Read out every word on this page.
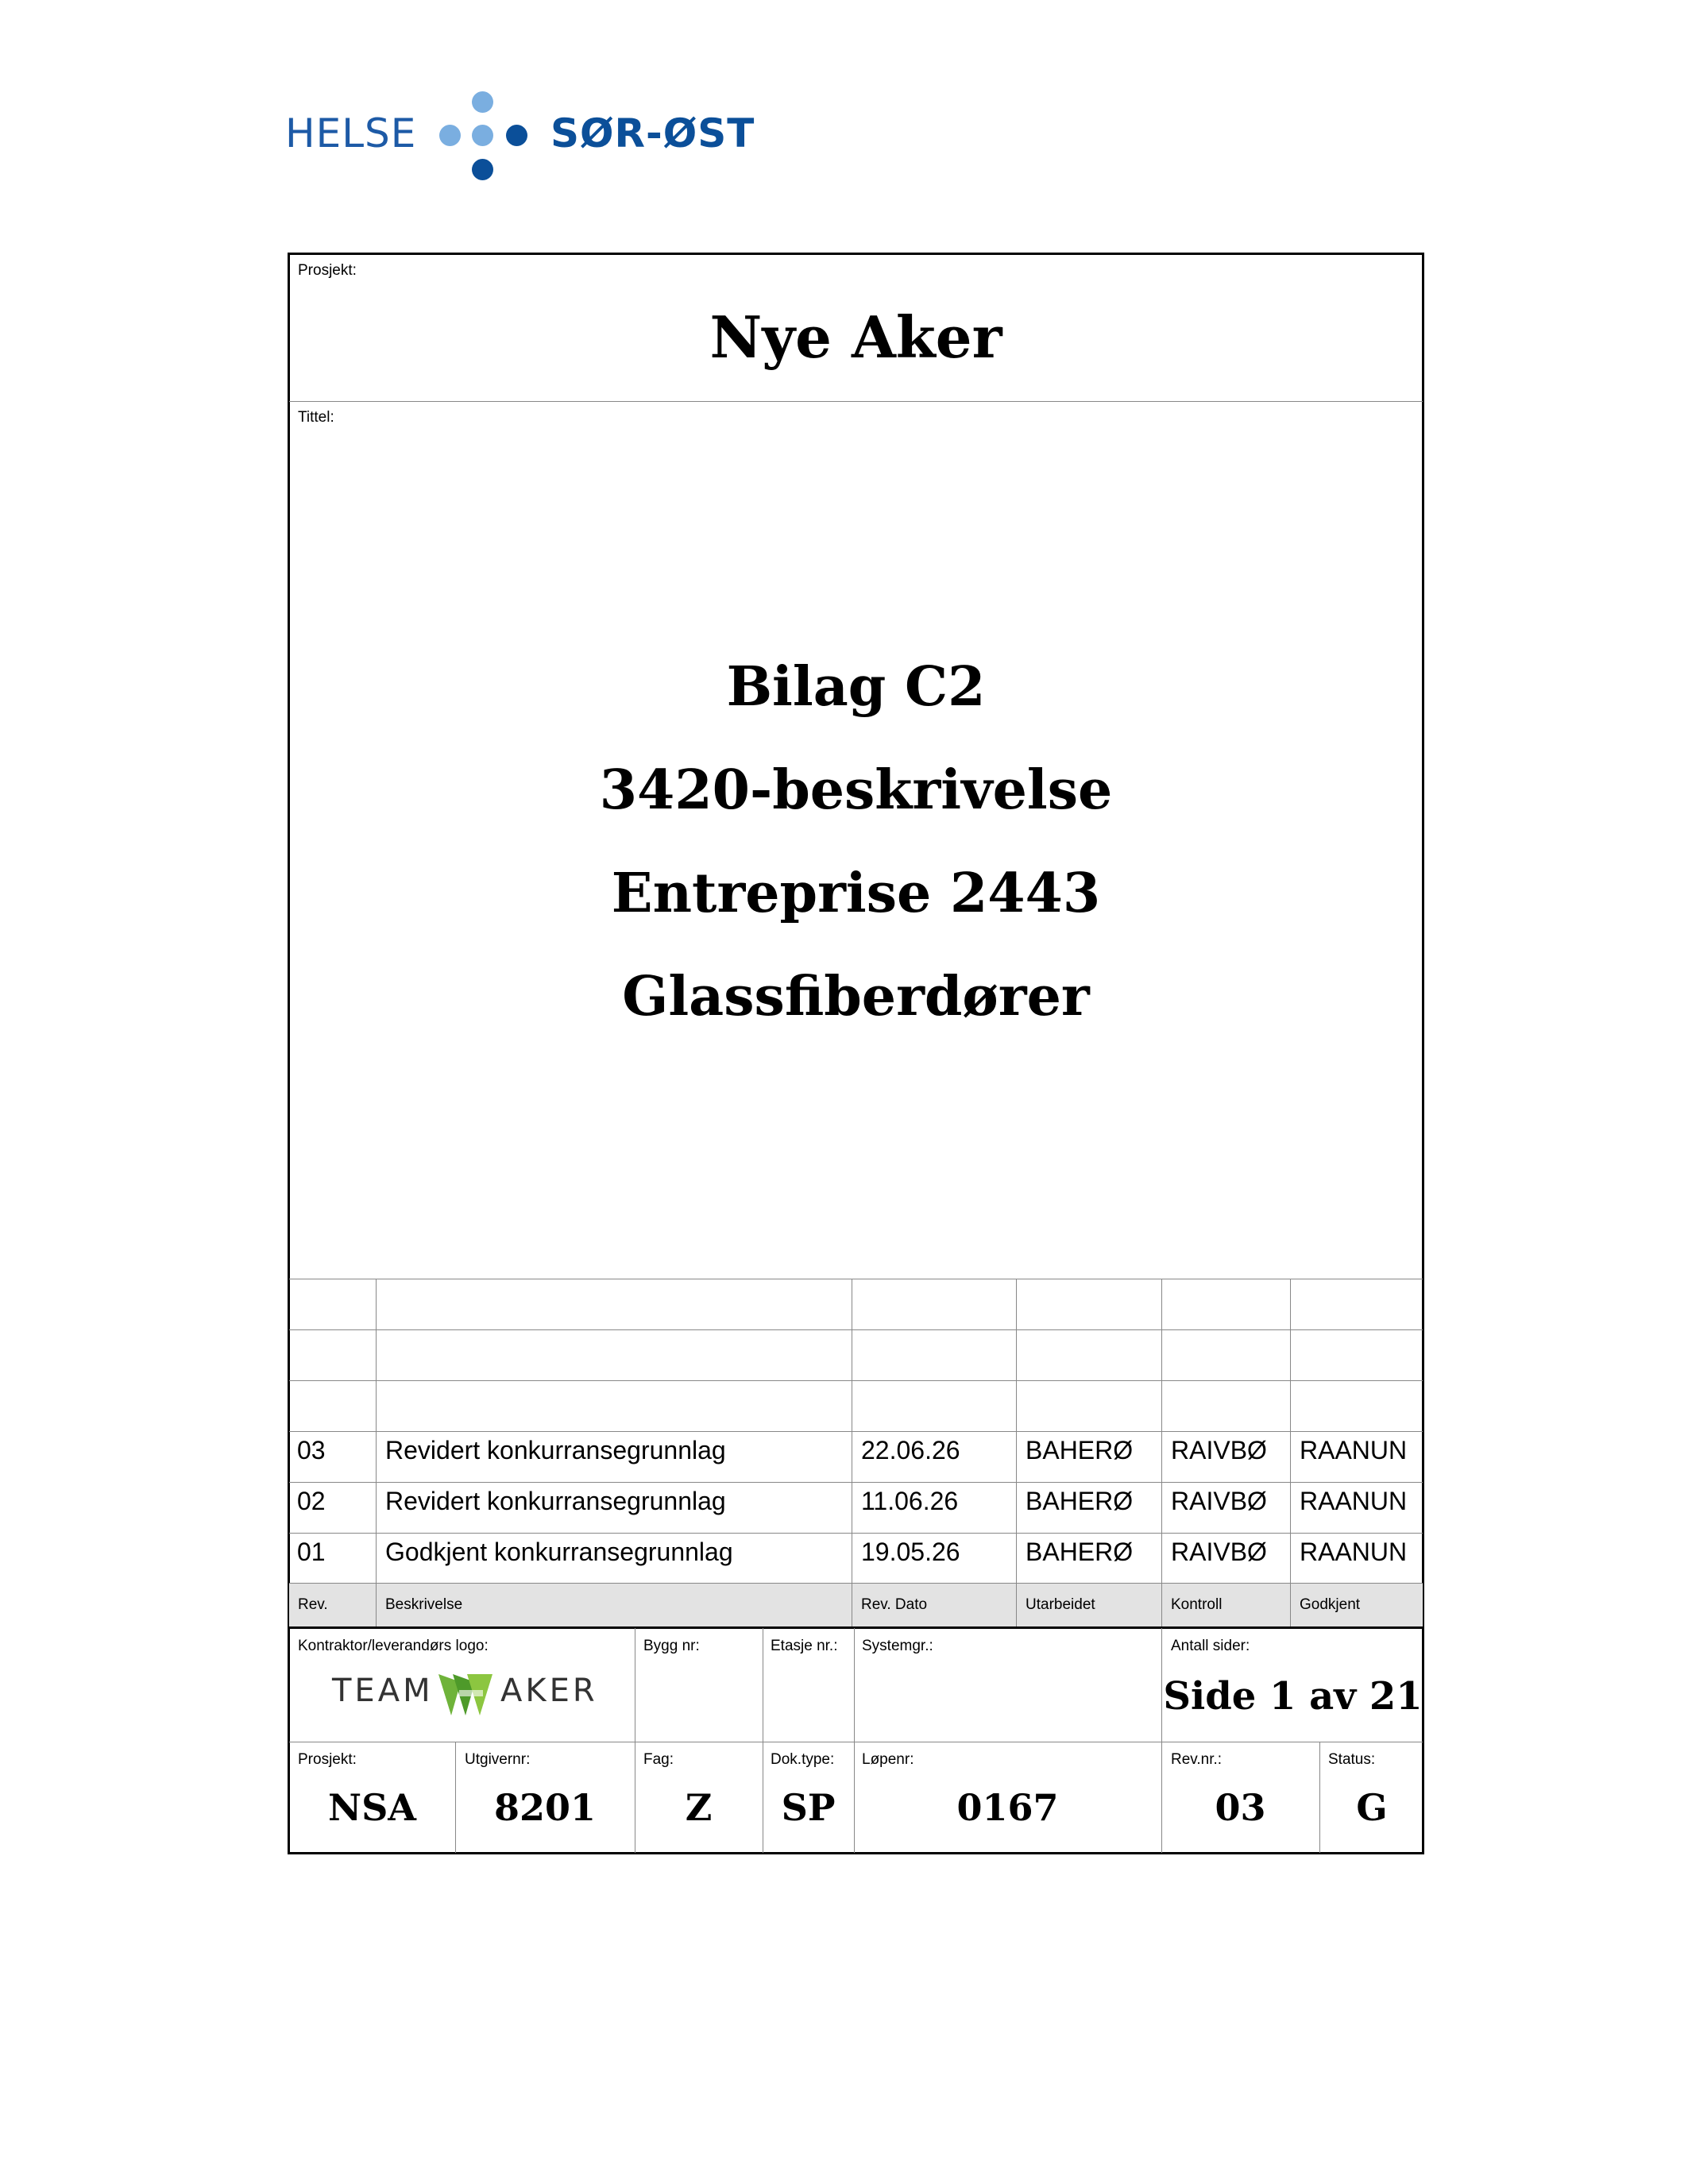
HELSE	SØR-ØST
Prosjekt:
Nye Aker
Tittel:
Bilag C2
3420-beskrivelse
Entreprise 2443
Glassfiberdører
03 Revidert konkurransegrunnlag	22.06.26	BAHERØ RAIVBØ RAANUN
02 Revidert konkurransegrunnlag	11.06.26	BAHERØ RAIVBØ RAANUN
01 Godkjent konkurransegrunnlag	19.05.26	BAHERØ RAIVBØ RAANUN
Rev.	Beskrivelse	Rev. Dato	Utarbeidet	Kontroll	Godkjent
Kontraktor/leverandørs logo:
TEAM AKER
Bygg nr:	Etasje nr.: Systemgr.:	Antall sider:
Side 1 av 21
Prosjekt:
NSA
Utgivernr:
8201
Fag:
Z
Dok.type:
SP
Løpenr:
0167
Rev.nr.:
03
Status:
G
